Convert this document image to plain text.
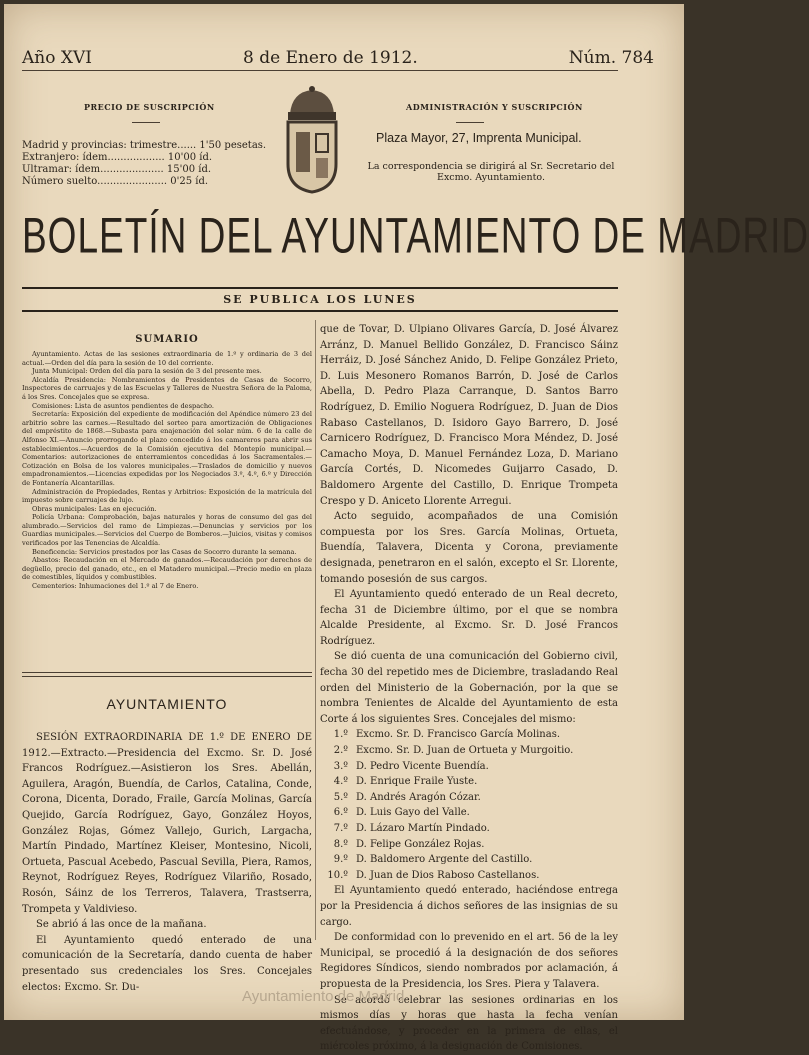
Año XVI	8 de Enero de 1912.	Núm. 784
PRECIO DE SUSCRIPCIÓN
Madrid y provincias: trimestre...... 1'50 pesetas.
Extranjero: ídem.................. 10'00 íd.
Ultramar: ídem.................... 15'00 íd.
Número suelto...................... 0'25 íd.
ADMINISTRACIÓN Y SUSCRIPCIÓN
Plaza Mayor, 27, Imprenta Municipal.
La correspondencia se dirigirá al Sr. Secretario del Excmo. Ayuntamiento.
BOLETÍN DEL AYUNTAMIENTO DE MADRID
SE PUBLICA LOS LUNES
SUMARIO

Ayuntamiento. Actas de las sesiones extraordinaria de 1.º y ordinaria de 3 del actual.—Orden del día para la sesión de 10 del corriente.

Junta Municipal: Orden del día para la sesión de 3 del presente mes.

Alcaldía Presidencia: Nombramientos de Presidentes de Casas de Socorro, Inspectores de carruajes y de las Escuelas y Talleres de Nuestra Señora de la Paloma, á los Sres. Concejales que se expresa.

Comisiones: Lista de asuntos pendientes de despacho.

Secretaría: Exposición del expediente de modificación del Apéndice número 23 del arbitrio sobre las carnes.—Resultado del sorteo para amortización de Obligaciones del empréstito de 1868.—Subasta para enajenación del solar núm. 6 de la calle de Alfonso XI.—Anuncio prorrogando el plazo concedido á los camareros para abrir sus establecimientos.—Acuerdos de la Comisión ejecutiva del Montepío municipal.—Comentarios: autorizaciones de enterramientos concedidas á los Sacramentales.—Cotización en Bolsa de los valores municipales.—Traslados de domicilio y nuevos empadronamientos.—Licencias expedidas por los Negociados 3.º, 4.º, 6.º y Dirección de Fontanería Alcantarillas.

Administración de Propiedades, Rentas y Arbitrios: Exposición de la matrícula del impuesto sobre carruajes de lujo.

Obras municipales: Las en ejecución.

Policía Urbana: Comprobación, bajas naturales y horas de consumo del gas del alumbrado.—Servicios del ramo de Limpiezas.—Denuncias y servicios por los Guardias municipales.—Servicios del Cuerpo de Bomberos.—Juicios, visitas y comisos verificados por las Tenencias de Alcaldía.

Beneficencia: Servicios prestados por las Casas de Socorro durante la semana.

Abastos: Recaudación en el Mercado de ganados.—Recaudación por derechos de degüello, precio del ganado, etc., en el Matadero municipal.—Precio medio en plaza de comestibles, líquidos y combustibles.

Cementerios: Inhumaciones del 1.º al 7 de Enero.

AYUNTAMIENTO

SESIÓN EXTRAORDINARIA DE 1.º DE ENERO DE 1912.—Extracto.—Presidencia del Excmo. Sr. D. José Francos Rodríguez.—Asistieron los Sres. Abellán, Aguilera, Aragón, Buendía, de Carlos, Catalina, Conde, Corona, Dicenta, Dorado, Fraile, García Molinas, García Quejido, García Rodríguez, Gayo, González Hoyos, González Rojas, Gómez Vallejo, Gurich, Largacha, Martín Pindado, Martínez Kleiser, Montesino, Nicoli, Ortueta, Pascual Acebedo, Pascual Sevilla, Piera, Ramos, Reynot, Rodríguez Reyes, Rodríguez Vilariño, Rosado, Rosón, Sáinz de los Terreros, Talavera, Trastserra, Trompeta y Valdivieso.

Se abrió á las once de la mañana.

El Ayuntamiento quedó enterado de una comunicación de la Secretaría, dando cuenta de haber presentado sus credenciales los Sres. Concejales electos: Excmo. Sr. Du-

que de Tovar, D. Ulpiano Olivares García, D. José Álvarez Arránz, D. Manuel Bellido González, D. Francisco Sáinz Herráiz, D. José Sánchez Anido, D. Felipe González Prieto, D. Luis Mesonero Romanos Barrón, D. José de Carlos Abella, D. Pedro Plaza Carranque, D. Santos Barro Rodríguez, D. Emilio Noguera Rodríguez, D. Juan de Dios Rabaso Castellanos, D. Isidoro Gayo Barrero, D. José Carnicero Rodríguez, D. Francisco Mora Méndez, D. José Camacho Moya, D. Manuel Fernández Loza, D. Mariano García Cortés, D. Nicomedes Guijarro Casado, D. Baldomero Argente del Castillo, D. Enrique Trompeta Crespo y D. Aniceto Llorente Arregui.

Acto seguido, acompañados de una Comisión compuesta por los Sres. García Molinas, Ortueta, Buendía, Talavera, Dicenta y Corona, previamente designada, penetraron en el salón, excepto el Sr. Llorente, tomando posesión de sus cargos.

El Ayuntamiento quedó enterado de un Real decreto, fecha 31 de Diciembre último, por el que se nombra Alcalde Presidente, al Excmo. Sr. D. José Francos Rodríguez.

Se dió cuenta de una comunicación del Gobierno civil, fecha 30 del repetido mes de Diciembre, trasladando Real orden del Ministerio de la Gobernación, por la que se nombra Tenientes de Alcalde del Ayuntamiento de esta Corte á los siguientes Sres. Concejales del mismo:

1.º Excmo. Sr. D. Francisco García Molinas.
2.º Excmo. Sr. D. Juan de Ortueta y Murgoitio.
3.º D. Pedro Vicente Buendía.
4.º D. Enrique Fraile Yuste.
5.º D. Andrés Aragón Cózar.
6.º D. Luis Gayo del Valle.
7.º D. Lázaro Martín Pindado.
8.º D. Felipe González Rojas.
9.º D. Baldomero Argente del Castillo.
10.º D. Juan de Dios Raboso Castellanos.

El Ayuntamiento quedó enterado, haciéndose entrega por la Presidencia á dichos señores de las insignias de su cargo.

De conformidad con lo prevenido en el art. 56 de la ley Municipal, se procedió á la designación de dos señores Regidores Síndicos, siendo nombrados por aclamación, á propuesta de la Presidencia, los Sres. Piera y Talavera.

Se acordó celebrar las sesiones ordinarias en los mismos días y horas que hasta la fecha venían efectuándose, y proceder en la primera de ellas, el miércoles próximo, á la designación de Comisiones.

Ayuntamiento de Madrid
